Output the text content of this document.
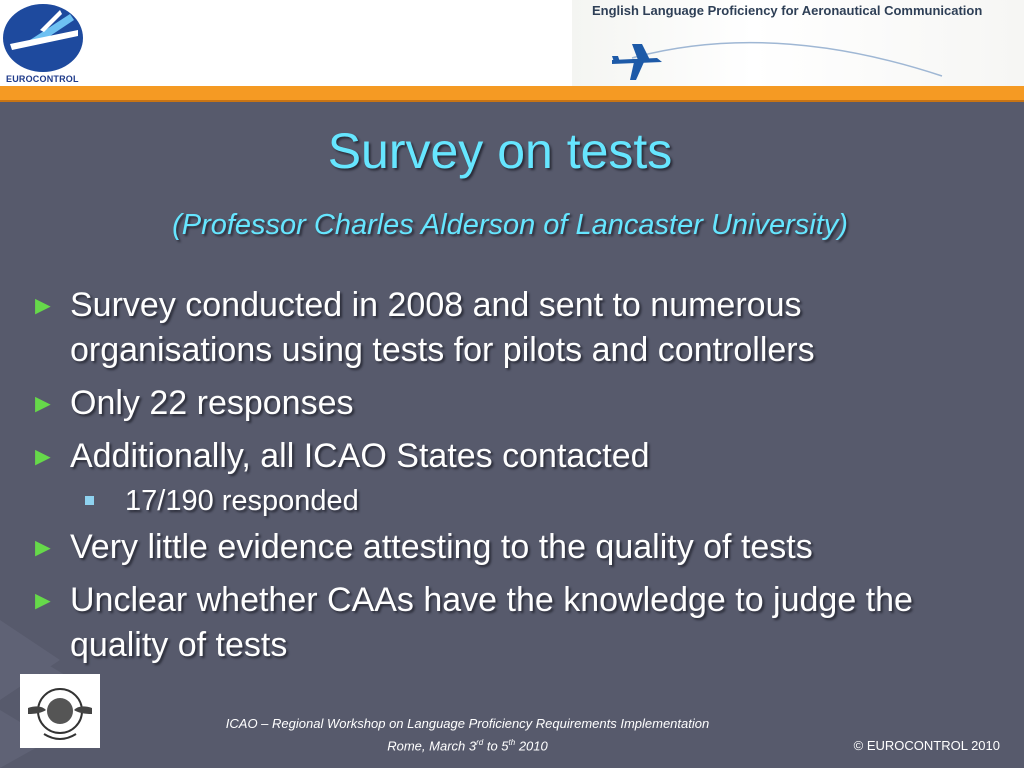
EUROCONTROL
English Language Proficiency for Aeronautical Communication
Survey on tests
(Professor Charles Alderson of Lancaster University)
► Survey conducted in 2008 and sent to numerous organisations using tests for pilots and controllers
► Only 22 responses
► Additionally, all ICAO States contacted
17/190 responded
► Very little evidence attesting to the quality of tests
► Unclear whether CAAs have the knowledge to judge the quality of tests
ICAO – Regional Workshop on Language Proficiency Requirements Implementation
Rome, March 3rd to 5th 2010	© EUROCONTROL 2010
